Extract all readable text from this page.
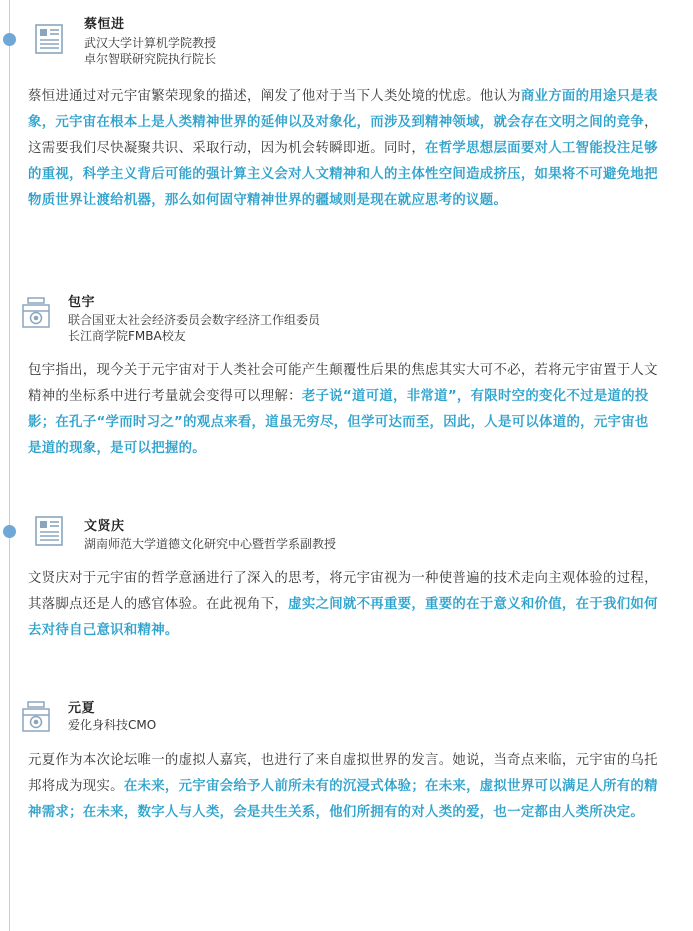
蔡恒进
武汉大学计算机学院教授
卓尔智联研究院执行院长

蔡恒进通过对元宇宙繁荣现象的描述，阐发了他对于当下人类处境的忧虑。他认为商业方面的用途只是表象，元宇宙在根本上是人类精神世界的延伸以及对象化，而涉及到精神领域，就会存在文明之间的竞争，这需要我们尽快凝聚共识、采取行动，因为机会转瞬即逝。同时，在哲学思想层面要对人工智能投注足够的重视，科学主义背后可能的强计算主义会对人文精神和人的主体性空间造成挤压，如果将不可避免地把物质世界让渡给机器，那么如何固守精神世界的疆域则是现在就应思考的议题。

包宇
联合国亚太社会经济委员会数字经济工作组委员
长江商学院FMBA校友

包宇指出，现今关于元宇宙对于人类社会可能产生颠覆性后果的焦虑其实大可不必，若将元宇宙置于人文精神的坐标系中进行考量就会变得可以理解：老子说“道可道，非常道”，有限时空的变化不过是道的投影；在孔子“学而时习之”的观点来看，道虽无穷尽，但学可达而至，因此，人是可以体道的，元宇宙也是道的现象，是可以把握的。

文贤庆
湖南师范大学道德文化研究中心暨哲学系副教授

文贤庆对于元宇宙的哲学意涵进行了深入的思考，将元宇宙视为一种使普遍的技术走向主观体验的过程，其落脚点还是人的感官体验。在此视角下，虚实之间就不再重要，重要的在于意义和价值，在于我们如何去对待自己意识和精神。

元夏
爱化身科技CMO

元夏作为本次论坛唯一的虚拟人嘉宾，也进行了来自虚拟世界的发言。她说，当奇点来临，元宇宙的乌托邦将成为现实。在未来，元宇宙会给予人前所未有的沉浸式体验；在未来，虚拟世界可以满足人所有的精神需求；在未来，数字人与人类，会是共生关系，他们所拥有的对人类的爱，也一定都由人类所决定。
